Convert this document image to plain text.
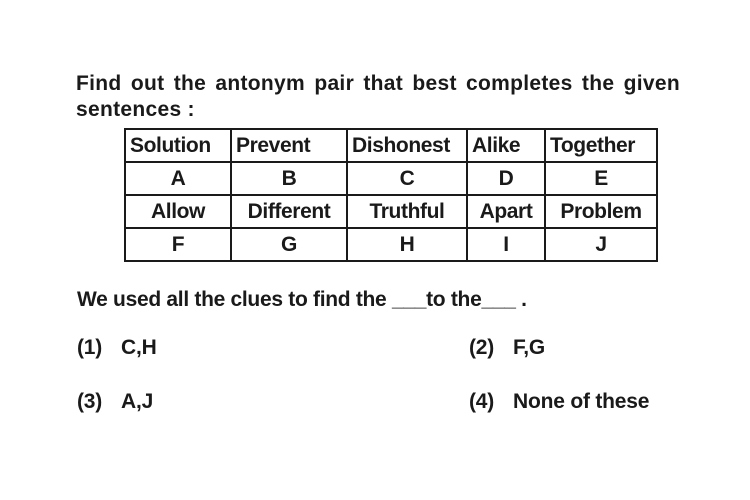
Find out the antonym pair that best completes the given
sentences :
Solution	Prevent	Dishonest	Alike	Together
A	B	C	D	E
Allow	Different	Truthful	Apart	Problem
F	G	H	I	J
We used all the clues to find the ___to the___ .
(1) C,H	(2) F,G
(3) A,J	(4) None of these
